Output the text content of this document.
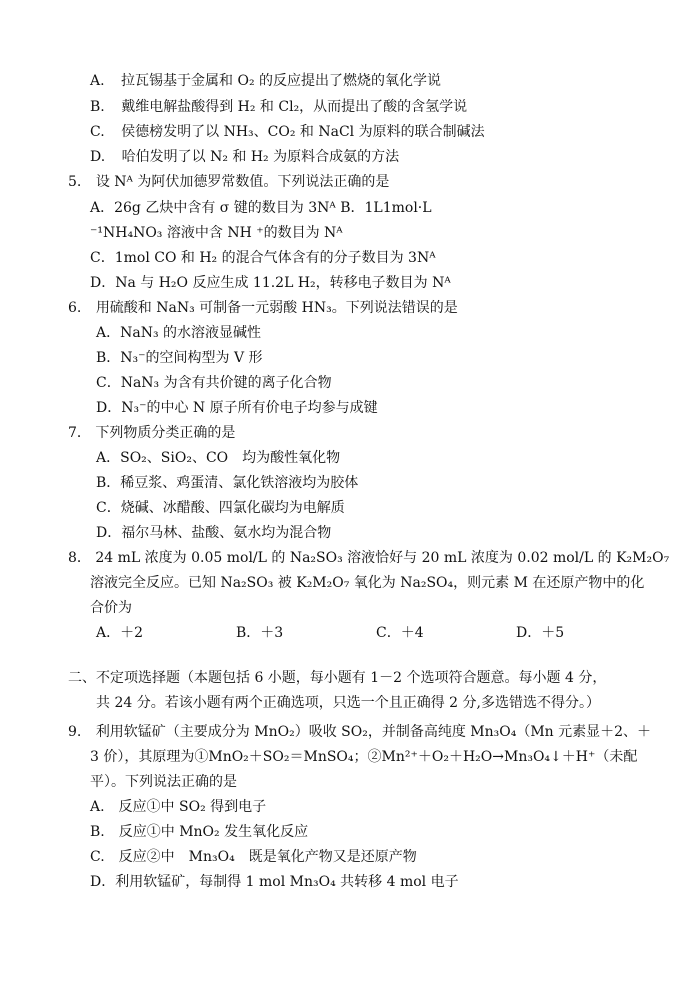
A. 拉瓦锡基于金属和 O₂ 的反应提出了燃烧的氧化学说
B. 戴维电解盐酸得到 H₂ 和 Cl₂，从而提出了酸的含氢学说
C. 侯德榜发明了以 NH₃、CO₂ 和 NaCl 为原料的联合制碱法
D. 哈伯发明了以 N₂ 和 H₂ 为原料合成氨的方法
5. 设 Nᴬ 为阿伏加德罗常数值。下列说法正确的是
A．26g 乙炔中含有 σ 键的数目为 3Nᴬ B．1L1mol·L
⁻¹NH₄NO₃ 溶液中含 NH ⁺的数目为 Nᴬ
C．1mol CO 和 H₂ 的混合气体含有的分子数目为 3Nᴬ
D．Na 与 H₂O 反应生成 11.2L H₂，转移电子数目为 Nᴬ
6. 用硫酸和 NaN₃ 可制备一元弱酸 HN₃。下列说法错误的是
A．NaN₃ 的水溶液显碱性
B．N₃⁻的空间构型为 V 形
C．NaN₃ 为含有共价键的离子化合物
D．N₃⁻的中心 N 原子所有价电子均参与成键
7． 下列物质分类正确的是
A．SO₂、SiO₂、CO　均为酸性氧化物
B．稀豆浆、鸡蛋清、氯化铁溶液均为胶体
C．烧碱、冰醋酸、四氯化碳均为电解质
D．福尔马林、盐酸、氨水均为混合物
8． 24 mL 浓度为 0.05 mol/L 的 Na₂SO₃ 溶液恰好与 20 mL 浓度为 0.02 mol/L 的 K₂M₂O₇
溶液完全反应。已知 Na₂SO₃ 被 K₂M₂O₇ 氧化为 Na₂SO₄，则元素 M 在还原产物中的化
合价为
A．＋2	B．＋3	C．＋4	D．＋5
二、不定项选择题（本题包括 6 小题，每小题有 1－2 个选项符合题意。每小题 4 分，
共 24 分。若该小题有两个正确选项，只选一个且正确得 2 分,多选错选不得分。）
9. 利用软锰矿（主要成分为 MnO₂）吸收 SO₂，并制备高纯度 Mn₃O₄（Mn 元素显＋2、＋
3 价），其原理为①MnO₂＋SO₂＝MnSO₄；②Mn²⁺＋O₂＋H₂O→Mn₃O₄↓＋H⁺（未配
平）。下列说法正确的是
A.　反应①中 SO₂ 得到电子
B.　反应①中 MnO₂ 发生氧化反应
C.　反应②中　Mn₃O₄　既是氧化产物又是还原产物
D．利用软锰矿，每制得 1 mol Mn₃O₄ 共转移 4 mol 电子
